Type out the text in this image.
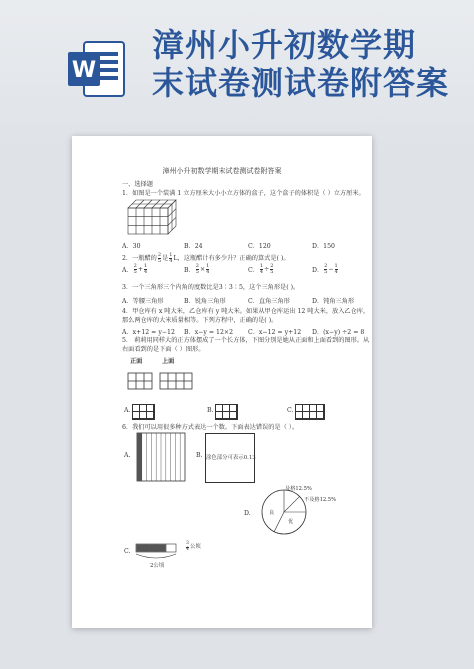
W
漳州小升初数学期
末试卷测试卷附答案
漳州小升初数学期末试卷测试卷附答案
一、选择题
1．如图是一个装满 1 立方厘米大小小立方体的盒子，这个盒子的体积是（ ）立方厘米。
A．30	B．24	C．120	D．150
2．一瓶醋的 2
5 是 1
4 L，这瓶醋计有多少升？正确的算式是( )。
A．
2
$5 + \frac{1}{4}$	B． $\frac{2}{5} \times \frac{1}{4}$	C． $\frac{1}{4} \div \frac{2}{5}$	D．
2
$5 - \frac{1}{4}$
3．一个三角形三个内角的度数比是3∶3∶5，这个三角形是( )。
A．等腰三角形	B．锐角三角形	C．直角三角形	D．钝角三角形
4．甲仓库有 x 吨大米，乙仓库有 y 吨大米。如果从甲仓库运出 12 吨大米，放入乙仓库，
那么两仓库的大米质量相等。下列方程中，正确的是( )。
A．x+12 = y−12 B．x−y = 12×2 C．x−12 = y+12 D．(x−y) ÷2 = 8
5． 莉莉用同样大的正方体摆成了一个长方体，下图分别是她从正面和上面看到的图形。从
右面看到的是下面（ ）图形。
正面	上面
A.	B.	C.
6．我们可以用很多种方式表达一个数。下面表达错误的是（ ）。
A.	B. 涂色部分可表示0.13
D.
及格12.5%
不及格12.5%
良
优
C.
3
4 公顷
2公顷
